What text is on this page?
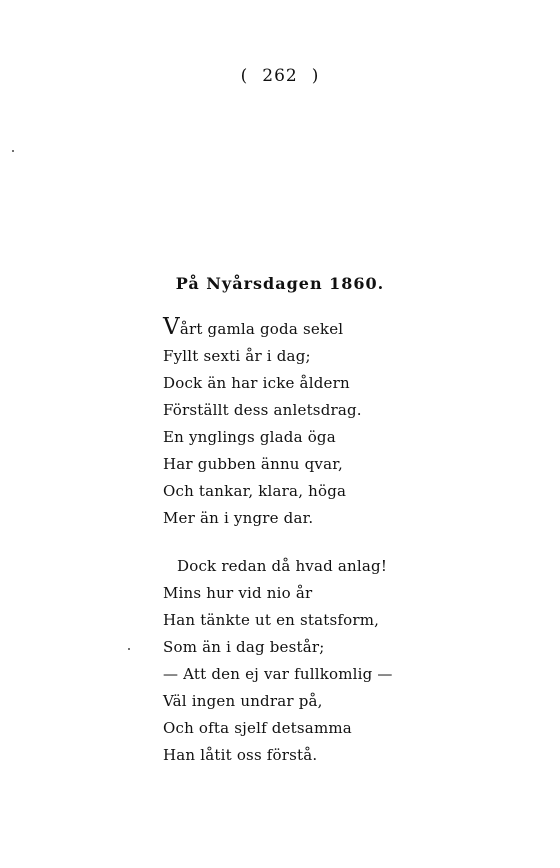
( 262 )
På Nyårsdagen 1860.
Vårt gamla goda sekel
Fyllt sexti år i dag;
Dock än har icke åldern
Förställt dess anletsdrag.
En ynglings glada öga
Har gubben ännu qvar,
Och tankar, klara, höga
Mer än i yngre dar.
Dock redan då hvad anlag!
Mins hur vid nio år
Han tänkte ut en statsform,
Som än i dag består;
— Att den ej var fullkomlig —
Väl ingen undrar på,
Och ofta sjelf detsamma
Han låtit oss förstå.
